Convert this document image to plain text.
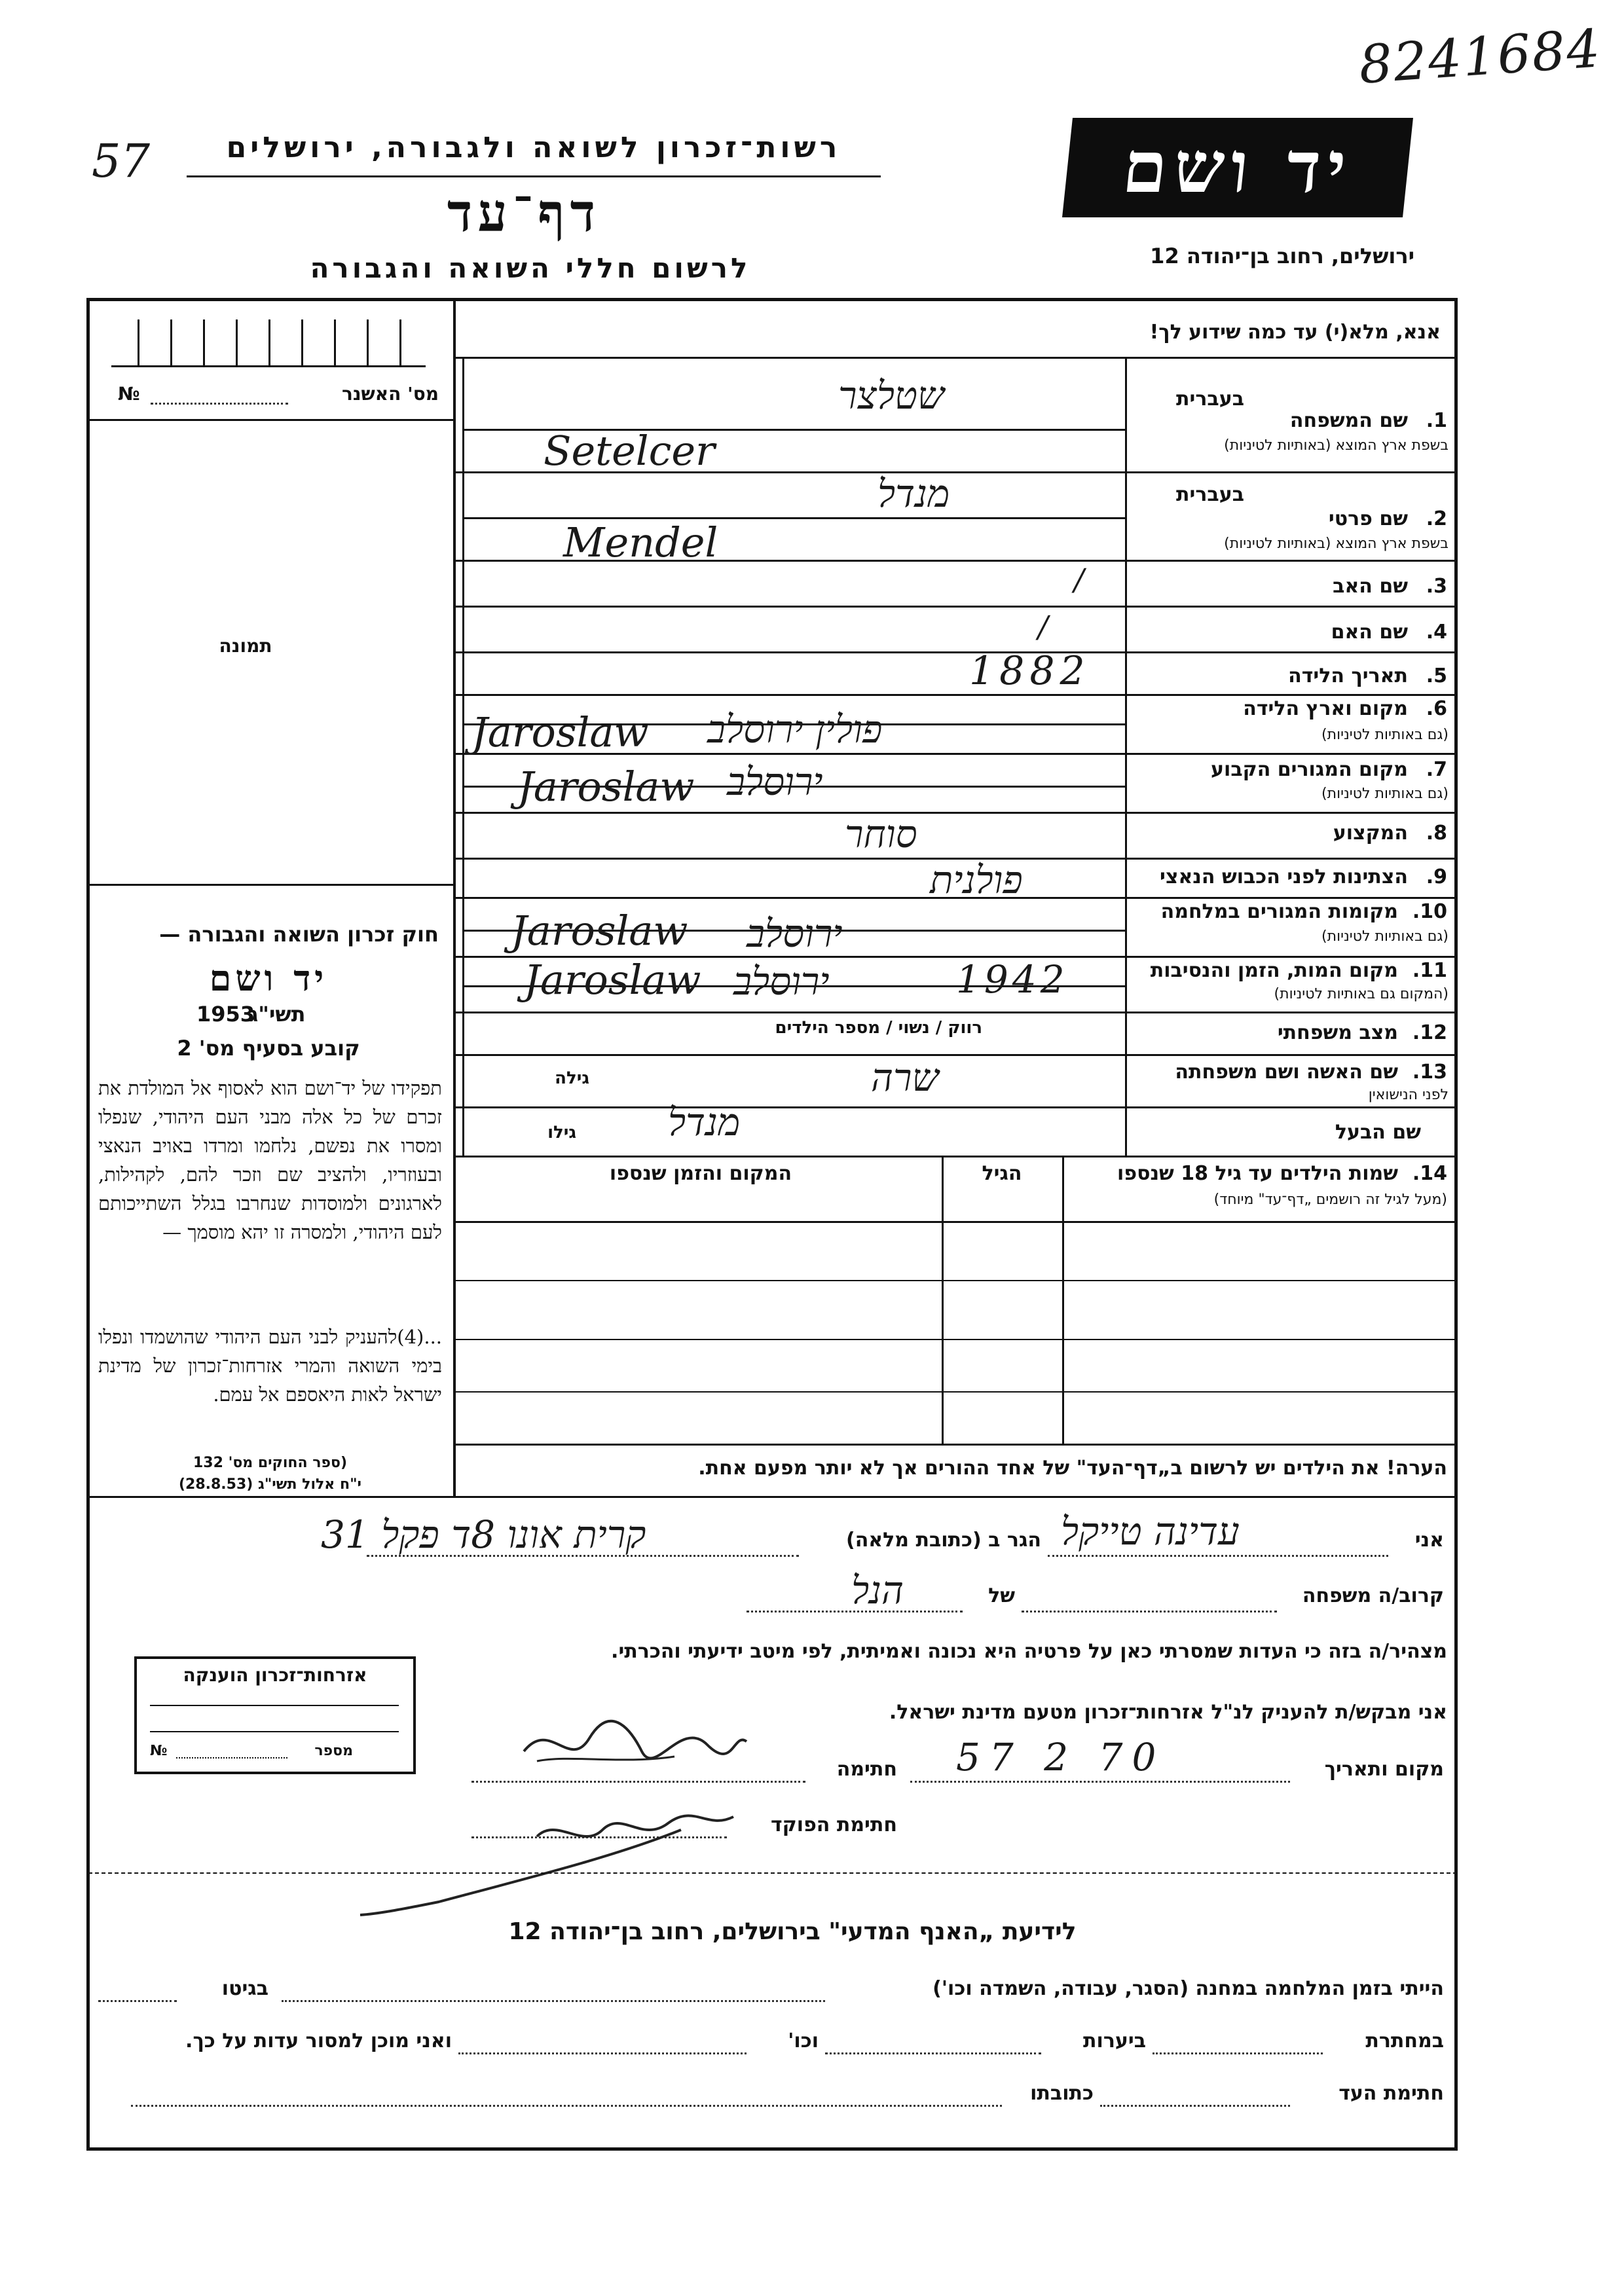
8241684
57	רשות־זכרון לשואה ולגבורה, ירושלים
דף־עד
לרשום חללי השואה והגבורה
יד ושם
ירושלים, רחוב בן־יהודה 12
מס' האשנר
№
תמונה
חוק זכרון השואה והגבורה —
יד ושם
תשי"ג
1953
קובע בסעיף מס' 2
תפקידו של יד־ושם הוא לאסוף אל המולדת את זכרם של כל אלה מבני העם היהודי, שנפלו ומסרו את נפשם, נלחמו ומרדו באויב הנאצי ובעוזריו, ולהציב שם וזכר להם, לקהילות, לארגונים ולמוסדות שנחרבו בגלל השתייכותם לעם היהודי, ולמסרה זו יהא מוסמך —
...(4)להעניק לבני העם היהודי שהושמדו ונפלו בימי השואה והמרי אזרחות־זכרון של מדינת ישראל לאות היאספם אל עמם.
(ספר החוקים מס' 132
י"ח אלול תשי"ג (28.8.53)
אנא, מלא(י) עד כמה שידוע לך!
1.
שם המשפחה
בעברית
בשפת ארץ המוצא (באותיות לטיניות)
שטלצר
Setelcer
2.
שם פרטי
בעברית
בשפת ארץ המוצא (באותיות לטיניות)
מנדל
Mendel
3.
שם האב
/
4.
שם האם
/
5.
תאריך הלידה
1882
6.
מקום וארץ הלידה
(גם באותיות לטיניות)
פולין ירוסלב
Jaroslaw
7.
מקום המגורים הקבוע
(גם באותיות לטיניות)
ירוסלב
Jaroslaw
8.
המקצוע
סוחר
9.
הצתינות לפני הכבוש הנאצי
פולנית
10.
מקומות המגורים במלחמה
(גם באותיות לטיניות)
ירוסלב
Jaroslaw
11.
מקום המות, הזמן והנסיבות
(המקום גם באותיות לטיניות)
1942
ירוסלב
Jaroslaw
12.
מצב משפחתי
רווק / נשוי / מספר הילדים
13.
שם האשה ושם משפחתה
לפני הנישואין
גילה	שרה
שם הבעל
גילו מנדל
14.
שמות הילדים עד גיל 18 שנספו
(מעל לגיל זה רושמים „דף־עד" מיוחד)
הגיל
המקום והזמן שנספו
הערה! את הילדים יש לרשום ב„דף־העד" של אחד ההורים אך לא יותר מפעם אחת.
אני
עדינה טייקל
הגר ב (כתובת מלאה)
קרית אונו 8ד פקל 31
קרוב/ה משפחה
של
הנל
מצהיר/ה בזה כי העדות שמסרתי כאן על פרטיה היא נכונה ואמיתית, לפי מיטב ידיעתי והכרתי.
אני מבקש/ת להעניק לנ"ל אזרחות־זכרון מטעם מדינת ישראל.
מקום ותאריך
70 2 57
חתימה
חתימת הפוקד
אזרחות־זכרון הוענקה
מספר
№
לידיעת „האנף המדעי" בירושלים, רחוב בן־יהודה 12
הייתי בזמן המלחמה במחנה (הסגר, עבודה, השמדה וכו')
בגיטו
במחתרת
ביערות
וכו'
ואני מוכן למסור עדות על כך.
חתימת העד
כתובתו
